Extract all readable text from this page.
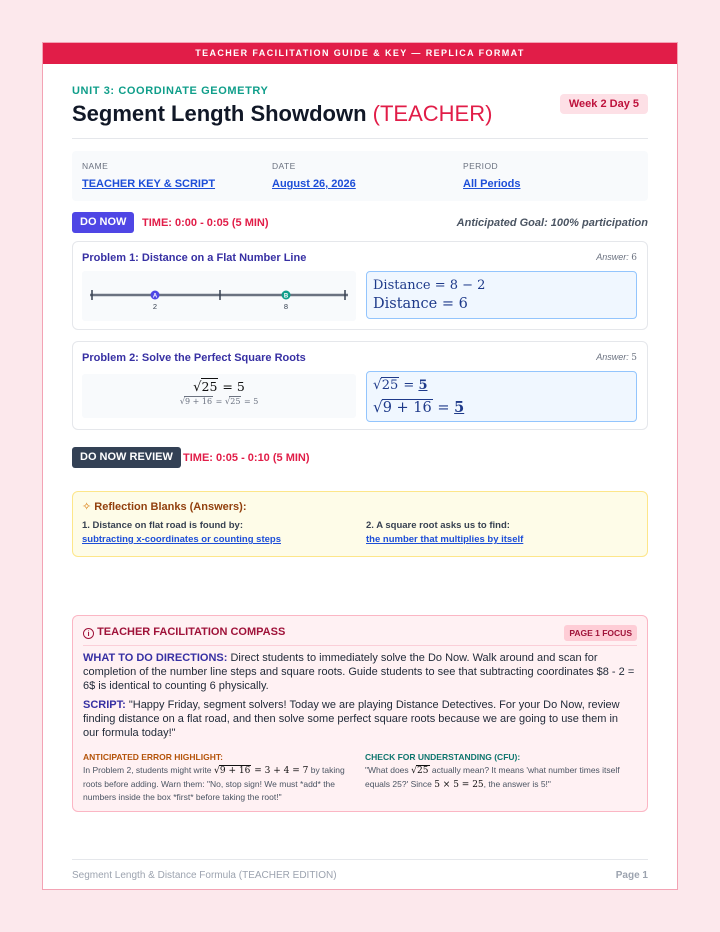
TEACHER FACILITATION GUIDE & KEY — REPLICA FORMAT
UNIT 3: COORDINATE GEOMETRY
Segment Length Showdown (TEACHER)	Week 2 Day 5
NAME
TEACHER KEY & SCRIPT
DATE
August 26, 2026
PERIOD
All Periods
DO NOW	TIME: 0:00 - 0:05 (5 MIN)	Anticipated Goal: 100% participation
Problem 1: Distance on a Flat Number Line	Answer: 6
A
2
B
8
Distance = 8 − 2
Distance = 6
Problem 2: Solve the Perfect Square Roots	Answer: 5
√25 = 5
√9 + 16 = √25 = 5
√25 = 5
√9 + 16 = 5
DO NOW REVIEW TIME: 0:05 - 0:10 (5 MIN)
✧ Reflection Blanks (Answers):
1. Distance on flat road is found by:
subtracting x-coordinates or counting steps
2. A square root asks us to find:
the number that multiplies by itself
i TEACHER FACILITATION COMPASS	PAGE 1 FOCUS
WHAT TO DO DIRECTIONS: Direct students to immediately solve the Do Now. Walk around and scan for completion of the number line steps and square roots. Guide students to see that subtracting coordinates $8 - 2 = 6$ is identical to counting 6 physically.
SCRIPT: "Happy Friday, segment solvers! Today we are playing Distance Detectives. For your Do Now, review finding distance on a flat road, and then solve some perfect square roots because we are going to use them in our formula today!"
ANTICIPATED ERROR HIGHLIGHT:
In Problem 2, students might write √9 + 16 = 3 + 4 = 7 by taking roots before adding. Warn them: "No, stop sign! We must *add* the numbers inside the box *first* before taking the root!"
CHECK FOR UNDERSTANDING (CFU):
"What does √25 actually mean? It means 'what number times itself equals 25?' Since 5 × 5 = 25, the answer is 5!"
Segment Length & Distance Formula (TEACHER EDITION)	Page 1
